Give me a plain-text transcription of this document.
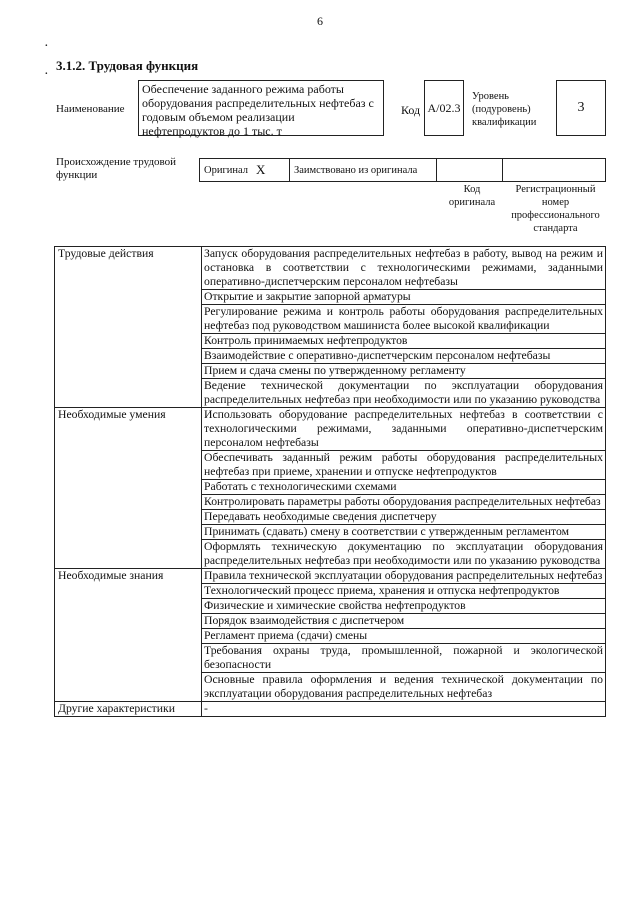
6
·
·
3.1.2. Трудовая функция
Наименование
Обеспечение заданного режима работы оборудования распределительных нефтебаз с годовым объемом реализации нефтепродуктов до 1 тыс. т
Код A/02.3
Уровень (подуровень) квалификации
3
Происхождение трудовой функции	Оригинал X	Заимствовано из оригинала
Код оригинала
Регистрационный номер профессионального стандарта
Трудовые действия	Запуск оборудования распределительных нефтебаз в работу, вывод на режим и остановка в соответствии с технологическими режимами, заданными оперативно-диспетчерским персоналом нефтебазы
	Открытие и закрытие запорной арматуры
	Регулирование режима и контроль работы оборудования распределительных нефтебаз под руководством машиниста более высокой квалификации
	Контроль принимаемых нефтепродуктов
	Взаимодействие с оперативно-диспетчерским персоналом нефтебазы
	Прием и сдача смены по утвержденному регламенту
	Ведение технической документации по эксплуатации оборудования распределительных нефтебаз при необходимости или по указанию руководства
Необходимые умения	Использовать оборудование распределительных нефтебаз в соответствии с технологическими режимами, заданными оперативно-диспетчерским персоналом нефтебазы
	Обеспечивать заданный режим работы оборудования распределительных нефтебаз при приеме, хранении и отпуске нефтепродуктов
	Работать с технологическими схемами
	Контролировать параметры работы оборудования распределительных нефтебаз
	Передавать необходимые сведения диспетчеру
	Принимать (сдавать) смену в соответствии с утвержденным регламентом
	Оформлять техническую документацию по эксплуатации оборудования распределительных нефтебаз при необходимости или по указанию руководства
Необходимые знания	Правила технической эксплуатации оборудования распределительных нефтебаз
	Технологический процесс приема, хранения и отпуска нефтепродуктов
	Физические и химические свойства нефтепродуктов
	Порядок взаимодействия с диспетчером
	Регламент приема (сдачи) смены
	Требования охраны труда, промышленной, пожарной и экологической безопасности
	Основные правила оформления и ведения технической документации по эксплуатации оборудования распределительных нефтебаз
Другие характеристики	-
